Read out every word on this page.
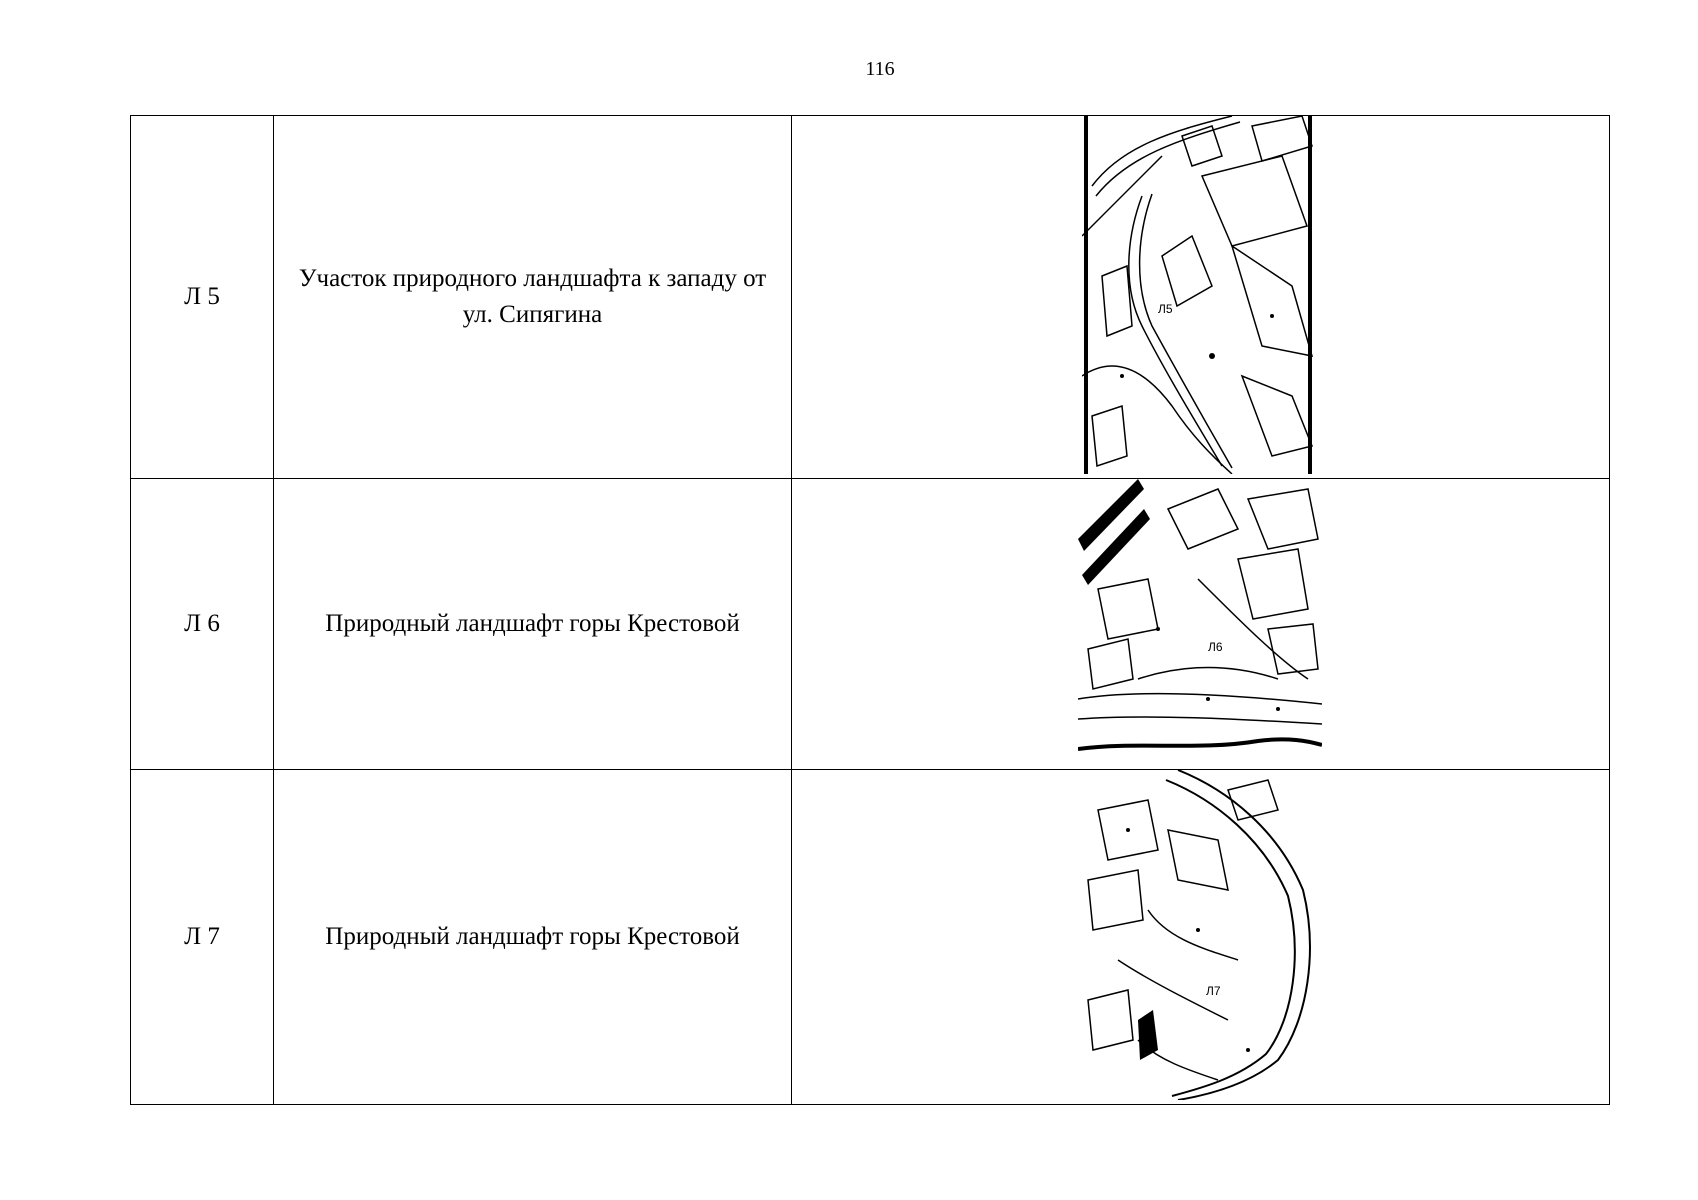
116
Л 5	Участок природного ландшафта к западу от ул. Сипягина	Л5

Л 6	Природный ландшафт горы Крестовой	Л6

Л 7	Природный ландшафт горы Крестовой	Л7
